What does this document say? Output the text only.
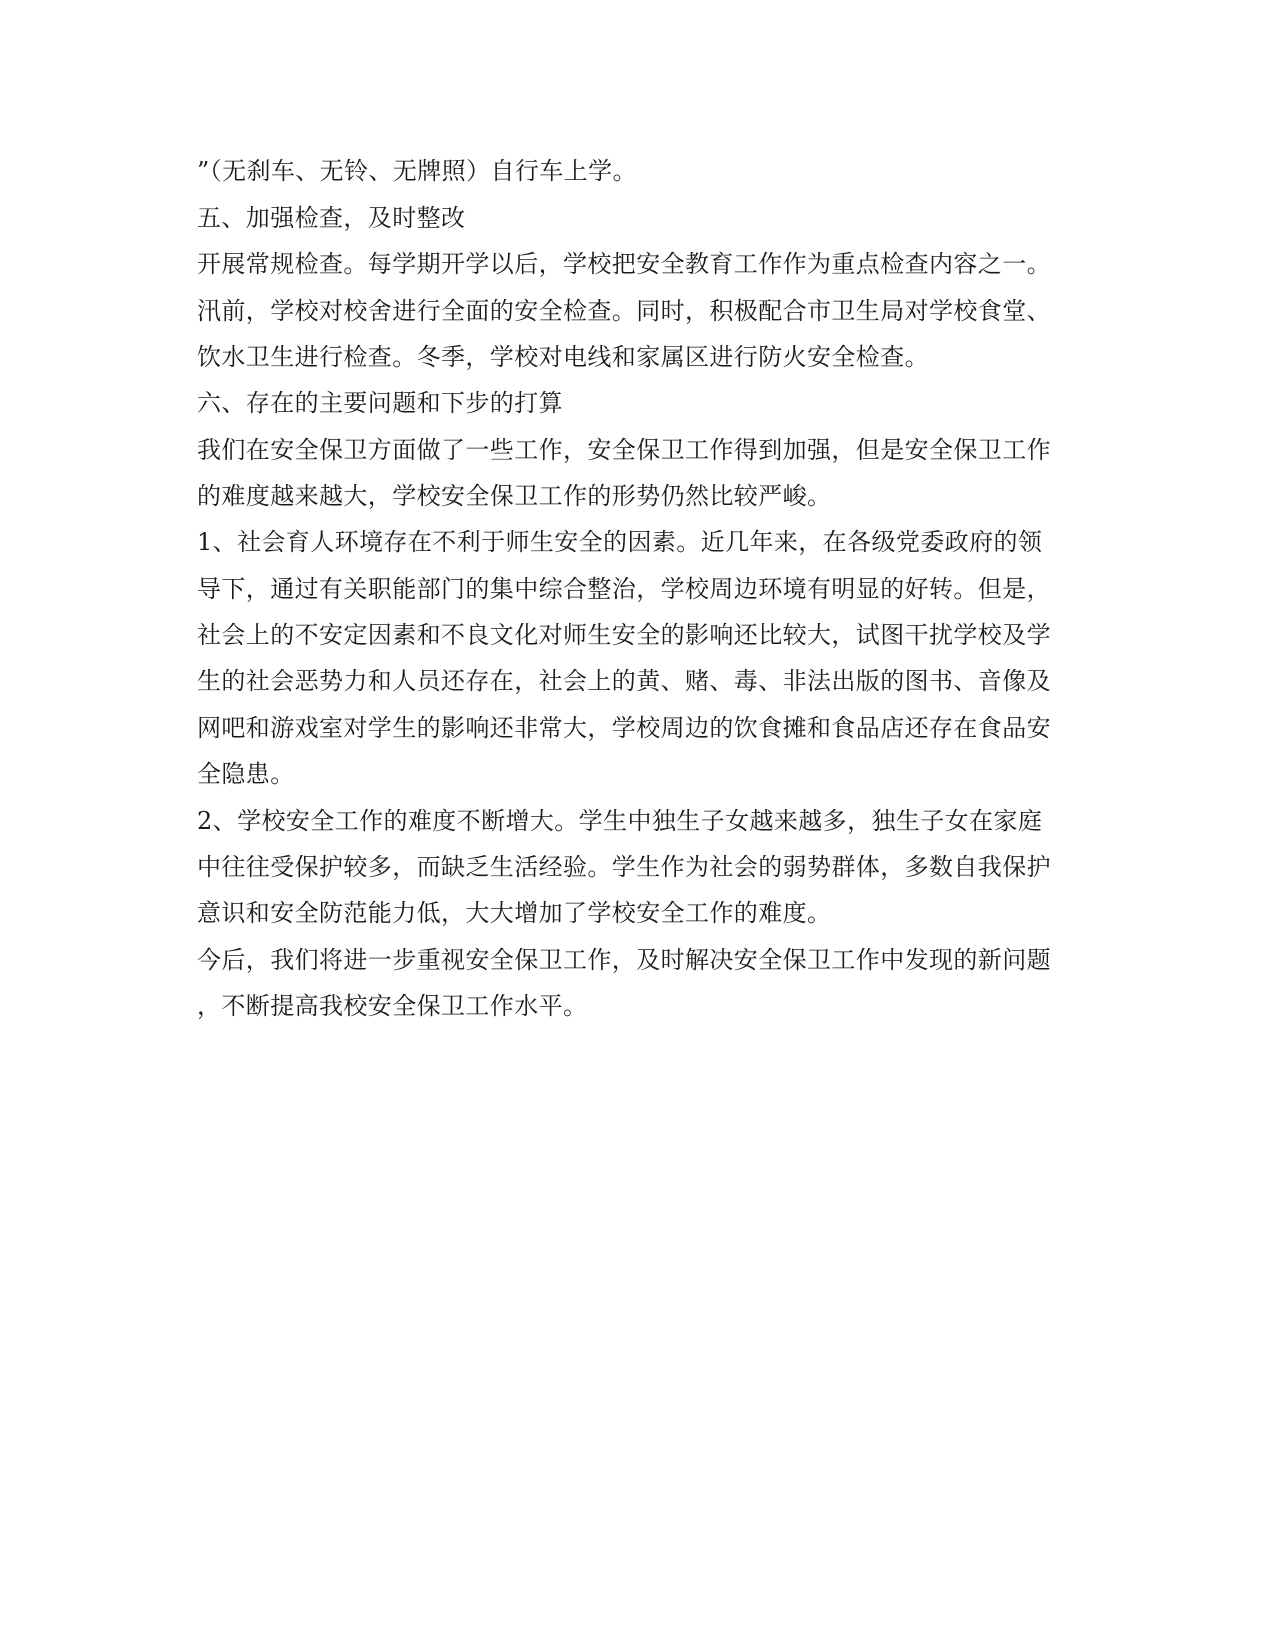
”（无刹车、无铃、无牌照）自行车上学。
五、加强检查，及时整改
开展常规检查。每学期开学以后，学校把安全教育工作作为重点检查内容之一。
汛前，学校对校舍进行全面的安全检查。同时，积极配合市卫生局对学校食堂、
饮水卫生进行检查。冬季，学校对电线和家属区进行防火安全检查。
六、存在的主要问题和下步的打算
我们在安全保卫方面做了一些工作，安全保卫工作得到加强，但是安全保卫工作
的难度越来越大，学校安全保卫工作的形势仍然比较严峻。
1、社会育人环境存在不利于师生安全的因素。近几年来，在各级党委政府的领
导下，通过有关职能部门的集中综合整治，学校周边环境有明显的好转。但是，
社会上的不安定因素和不良文化对师生安全的影响还比较大，试图干扰学校及学
生的社会恶势力和人员还存在，社会上的黄、赌、毒、非法出版的图书、音像及
网吧和游戏室对学生的影响还非常大，学校周边的饮食摊和食品店还存在食品安
全隐患。
2、学校安全工作的难度不断增大。学生中独生子女越来越多，独生子女在家庭
中往往受保护较多，而缺乏生活经验。学生作为社会的弱势群体，多数自我保护
意识和安全防范能力低，大大增加了学校安全工作的难度。
今后，我们将进一步重视安全保卫工作，及时解决安全保卫工作中发现的新问题
，不断提高我校安全保卫工作水平。
